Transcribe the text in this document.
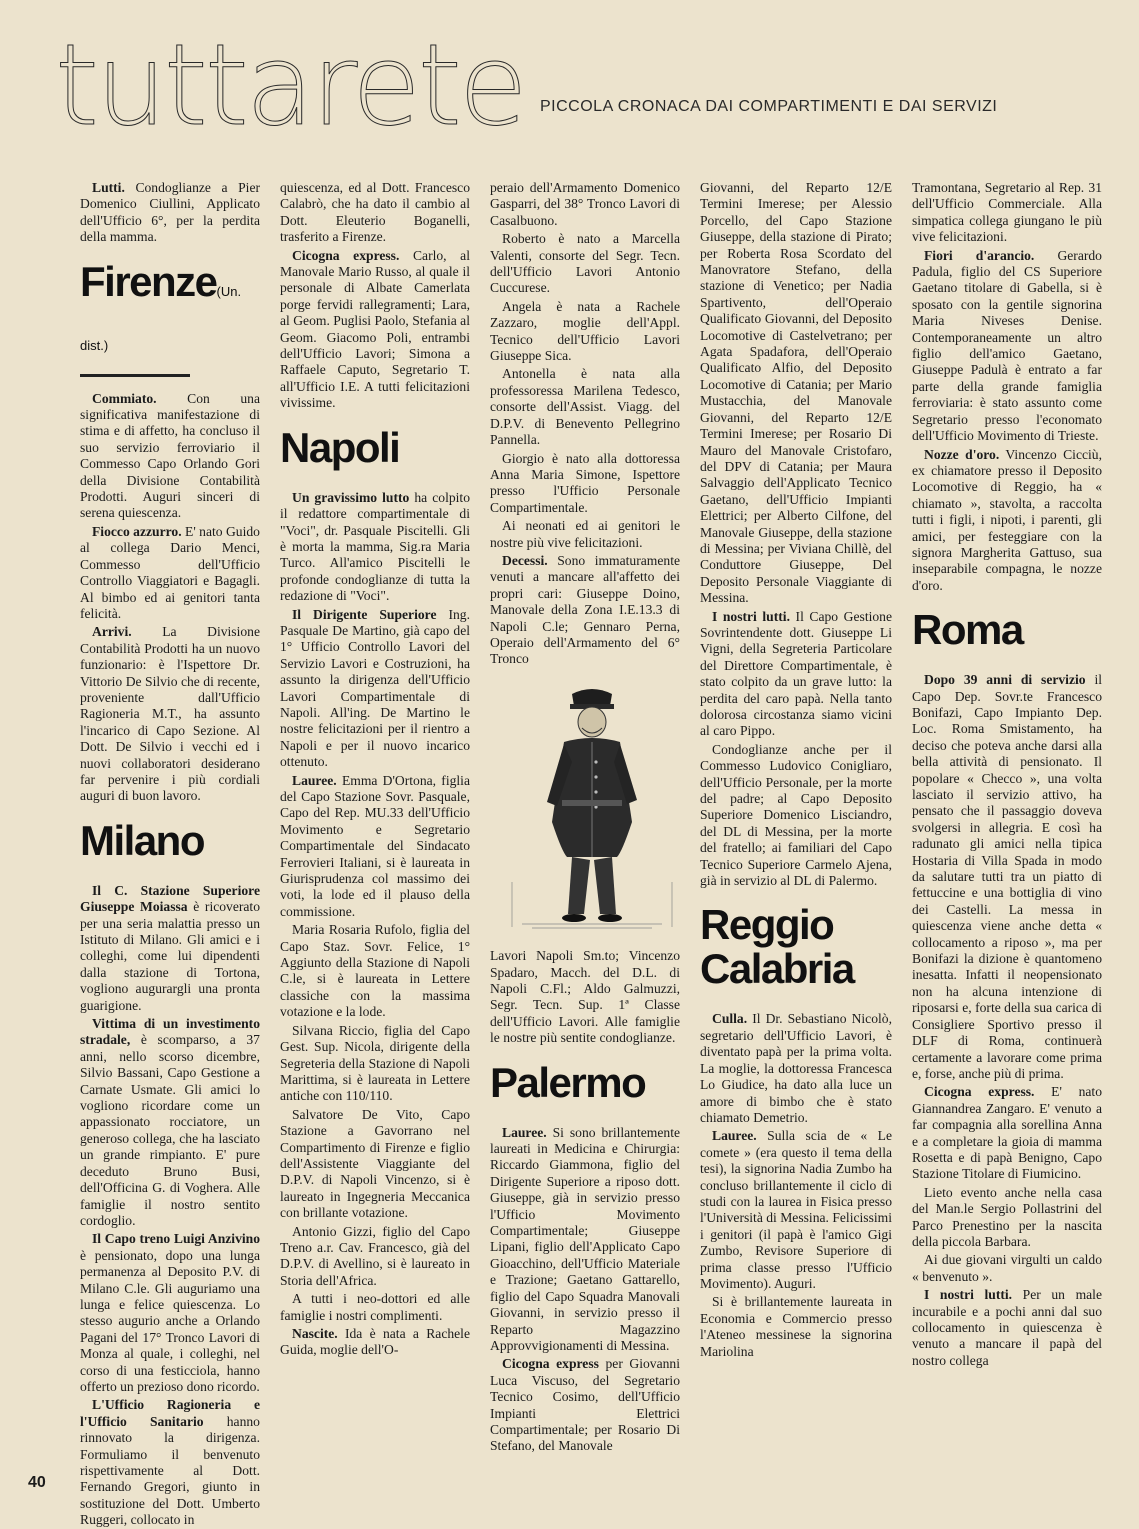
tuttarete PICCOLA CRONACA DAI COMPARTIMENTI E DAI SERVIZI

Lutti. Condoglianze a Pier Domenico Ciullini, Applicato dell'Ufficio 6°, per la perdita della mamma.

Firenze(Un. dist.)

Commiato. Con una significativa manifestazione di stima e di affetto, ha concluso il suo servizio ferroviario il Commesso Capo Orlando Gori della Divisione Contabilità Prodotti. Auguri sinceri di serena quiescenza.

Fiocco azzurro. E' nato Guido al collega Dario Menci, Commesso dell'Ufficio Controllo Viaggiatori e Bagagli. Al bimbo ed ai genitori tanta felicità.

Arrivi. La Divisione Contabilità Prodotti ha un nuovo funzionario: è l'Ispettore Dr. Vittorio De Silvio che di recente, proveniente dall'Ufficio Ragioneria M.T., ha assunto l'incarico di Capo Sezione. Al Dott. De Silvio i vecchi ed i nuovi collaboratori desiderano far pervenire i più cordiali auguri di buon lavoro.

Milano

Il C. Stazione Superiore Giuseppe Moiassa è ricoverato per una seria malattia presso un Istituto di Milano. Gli amici e i colleghi, come lui dipendenti dalla stazione di Tortona, vogliono augurargli una pronta guarigione.

Vittima di un investimento stradale, è scomparso, a 37 anni, nello scorso dicembre, Silvio Bassani, Capo Gestione a Carnate Usmate. Gli amici lo vogliono ricordare come un appassionato rocciatore, un generoso collega, che ha lasciato un grande rimpianto. E' pure deceduto Bruno Busi, dell'Officina G. di Voghera. Alle famiglie il nostro sentito cordoglio.

Il Capo treno Luigi Anzivino è pensionato, dopo una lunga permanenza al Deposito P.V. di Milano C.le. Gli auguriamo una lunga e felice quiescenza. Lo stesso augurio anche a Orlando Pagani del 17° Tronco Lavori di Monza al quale, i colleghi, nel corso di una festicciola, hanno offerto un prezioso dono ricordo.

L'Ufficio Ragioneria e l'Ufficio Sanitario hanno rinnovato la dirigenza. Formuliamo il benvenuto rispettivamente al Dott. Fernando Gregori, giunto in sostituzione del Dott. Umberto Ruggeri, collocato in

quiescenza, ed al Dott. Francesco Calabrò, che ha dato il cambio al Dott. Eleuterio Boganelli, trasferito a Firenze.

Cicogna express. Carlo, al Manovale Mario Russo, al quale il personale di Albate Camerlata porge fervidi rallegramenti; Lara, al Geom. Puglisi Paolo, Stefania al Geom. Giacomo Poli, entrambi dell'Ufficio Lavori; Simona a Raffaele Caputo, Segretario T. all'Ufficio I.E. A tutti felicitazioni vivissime.

Napoli

Un gravissimo lutto ha colpito il redattore compartimentale di "Voci", dr. Pasquale Piscitelli. Gli è morta la mamma, Sig.ra Maria Turco. All'amico Piscitelli le profonde condoglianze di tutta la redazione di "Voci".

Il Dirigente Superiore Ing. Pasquale De Martino, già capo del 1° Ufficio Controllo Lavori del Servizio Lavori e Costruzioni, ha assunto la dirigenza dell'Ufficio Lavori Compartimentale di Napoli. All'ing. De Martino le nostre felicitazioni per il rientro a Napoli e per il nuovo incarico ottenuto.

Lauree. Emma D'Ortona, figlia del Capo Stazione Sovr. Pasquale, Capo del Rep. MU.33 dell'Ufficio Movimento e Segretario Compartimentale del Sindacato Ferrovieri Italiani, si è laureata in Giurisprudenza col massimo dei voti, la lode ed il plauso della commissione.

Maria Rosaria Rufolo, figlia del Capo Staz. Sovr. Felice, 1° Aggiunto della Stazione di Napoli C.le, si è laureata in Lettere classiche con la massima votazione e la lode.

Silvana Riccio, figlia del Capo Gest. Sup. Nicola, dirigente della Segreteria della Stazione di Napoli Marittima, si è laureata in Lettere antiche con 110/110.

Salvatore De Vito, Capo Stazione a Gavorrano nel Compartimento di Firenze e figlio dell'Assistente Viaggiante del D.P.V. di Napoli Vincenzo, si è laureato in Ingegneria Meccanica con brillante votazione.

Antonio Gizzi, figlio del Capo Treno a.r. Cav. Francesco, già del D.P.V. di Avellino, si è laureato in Storia dell'Africa.

A tutti i neo-dottori ed alle famiglie i nostri complimenti.

Nascite. Ida è nata a Rachele Guida, moglie dell'O-

peraio dell'Armamento Domenico Gasparri, del 38° Tronco Lavori di Casalbuono.

Roberto è nato a Marcella Valenti, consorte del Segr. Tecn. dell'Ufficio Lavori Antonio Cuccurese.

Angela è nata a Rachele Zazzaro, moglie dell'Appl. Tecnico dell'Ufficio Lavori Giuseppe Sica.

Antonella è nata alla professoressa Marilena Tedesco, consorte dell'Assist. Viagg. del D.P.V. di Benevento Pellegrino Pannella.

Giorgio è nato alla dottoressa Anna Maria Simone, Ispettore presso l'Ufficio Personale Compartimentale.

Ai neonati ed ai genitori le nostre più vive felicitazioni.

Decessi. Sono immaturamente venuti a mancare all'affetto dei propri cari: Giuseppe Doino, Manovale della Zona I.E.13.3 di Napoli C.le; Gennaro Perna, Operaio dell'Armamento del 6° Tronco

Lavori Napoli Sm.to; Vincenzo Spadaro, Macch. del D.L. di Napoli C.Fl.; Aldo Galmuzzi, Segr. Tecn. Sup. 1ª Classe dell'Ufficio Lavori. Alle famiglie le nostre più sentite condoglianze.

Palermo

Lauree. Si sono brillantemente laureati in Medicina e Chirurgia: Riccardo Giammona, figlio del Dirigente Superiore a riposo dott. Giuseppe, già in servizio presso l'Ufficio Movimento Compartimentale; Giuseppe Lipani, figlio dell'Applicato Capo Gioacchino, dell'Ufficio Materiale e Trazione; Gaetano Gattarello, figlio del Capo Squadra Manovali Giovanni, in servizio presso il Reparto Magazzino Approvvigionamenti di Messina.

Cicogna express per Giovanni Luca Viscuso, del Segretario Tecnico Cosimo, dell'Ufficio Impianti Elettrici Compartimentale; per Rosario Di Stefano, del Manovale

Giovanni, del Reparto 12/E Termini Imerese; per Alessio Porcello, del Capo Stazione Giuseppe, della stazione di Pirato; per Roberta Rosa Scordato del Manovratore Stefano, della stazione di Venetico; per Nadia Spartivento, dell'Operaio Qualificato Giovanni, del Deposito Locomotive di Castelvetrano; per Agata Spadafora, dell'Operaio Qualificato Alfio, del Deposito Locomotive di Catania; per Mario Mustacchia, del Manovale Giovanni, del Reparto 12/E Termini Imerese; per Rosario Di Mauro del Manovale Cristofaro, del DPV di Catania; per Maura Salvaggio dell'Applicato Tecnico Gaetano, dell'Ufficio Impianti Elettrici; per Alberto Cilfone, del Manovale Giuseppe, della stazione di Messina; per Viviana Chillè, del Conduttore Giuseppe, Del Deposito Personale Viaggiante di Messina.

I nostri lutti. Il Capo Gestione Sovrintendente dott. Giuseppe Li Vigni, della Segreteria Particolare del Direttore Compartimentale, è stato colpito da un grave lutto: la perdita del caro papà. Nella tanto dolorosa circostanza siamo vicini al caro Pippo.

Condoglianze anche per il Commesso Ludovico Conigliaro, dell'Ufficio Personale, per la morte del padre; al Capo Deposito Superiore Domenico Lisciandro, del DL di Messina, per la morte del fratello; ai familiari del Capo Tecnico Superiore Carmelo Ajena, già in servizio al DL di Palermo.

Reggio Calabria

Culla. Il Dr. Sebastiano Nicolò, segretario dell'Ufficio Lavori, è diventato papà per la prima volta. La moglie, la dottoressa Francesca Lo Giudice, ha dato alla luce un amore di bimbo che è stato chiamato Demetrio.

Lauree. Sulla scia de « Le comete » (era questo il tema della tesi), la signorina Nadia Zumbo ha concluso brillantemente il ciclo di studi con la laurea in Fisica presso l'Università di Messina. Felicissimi i genitori (il papà è l'amico Gigi Zumbo, Revisore Superiore di prima classe presso l'Ufficio Movimento). Auguri.

Si è brillantemente laureata in Economia e Commercio presso l'Ateneo messinese la signorina Mariolina

Tramontana, Segretario al Rep. 31 dell'Ufficio Commerciale. Alla simpatica collega giungano le più vive felicitazioni.

Fiori d'arancio. Gerardo Padula, figlio del CS Superiore Gaetano titolare di Gabella, si è sposato con la gentile signorina Maria Niveses Denise. Contemporaneamente un altro figlio dell'amico Gaetano, Giuseppe Padulà è entrato a far parte della grande famiglia ferroviaria: è stato assunto come Segretario presso l'economato dell'Ufficio Movimento di Trieste.

Nozze d'oro. Vincenzo Cicciù, ex chiamatore presso il Deposito Locomotive di Reggio, ha « chiamato », stavolta, a raccolta tutti i figli, i nipoti, i parenti, gli amici, per festeggiare con la signora Margherita Gattuso, sua inseparabile compagna, le nozze d'oro.

Roma

Dopo 39 anni di servizio il Capo Dep. Sovr.te Francesco Bonifazi, Capo Impianto Dep. Loc. Roma Smistamento, ha deciso che poteva anche darsi alla bella attività di pensionato. Il popolare « Checco », una volta lasciato il servizio attivo, ha pensato che il passaggio doveva svolgersi in allegria. E così ha radunato gli amici nella tipica Hostaria di Villa Spada in modo da salutare tutti tra un piatto di fettuccine e una bottiglia di vino dei Castelli. La messa in quiescenza viene anche detta « collocamento a riposo », ma per Bonifazi la dizione è quantomeno inesatta. Infatti il neopensionato non ha alcuna intenzione di riposarsi e, forte della sua carica di Consigliere Sportivo presso il DLF di Roma, continuerà certamente a lavorare come prima e, forse, anche più di prima.

Cicogna express. E' nato Giannandrea Zangaro. E' venuto a far compagnia alla sorellina Anna e a completare la gioia di mamma Rosetta e di papà Benigno, Capo Stazione Titolare di Fiumicino.

Lieto evento anche nella casa del Man.le Sergio Pollastrini del Parco Prenestino per la nascita della piccola Barbara.

Ai due giovani virgulti un caldo « benvenuto ».

I nostri lutti. Per un male incurabile e a pochi anni dal suo collocamento in quiescenza è venuto a mancare il papà del nostro collega

40
